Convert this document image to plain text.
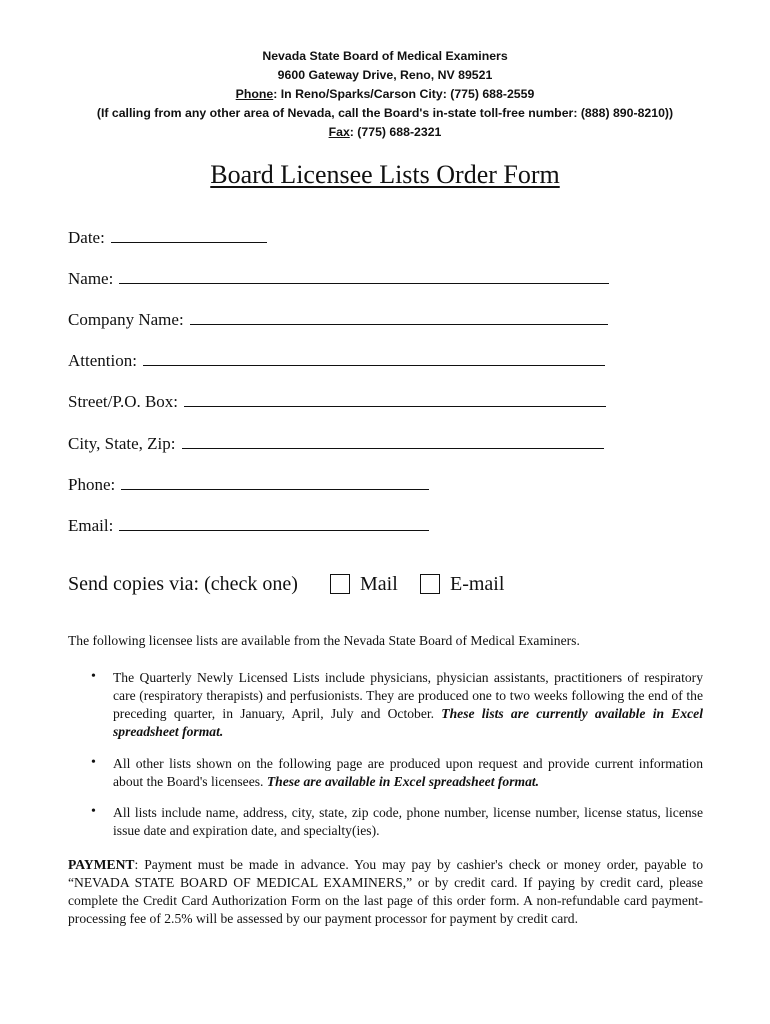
Nevada State Board of Medical Examiners
9600 Gateway Drive, Reno, NV 89521
Phone: In Reno/Sparks/Carson City: (775) 688-2559
(If calling from any other area of Nevada, call the Board's in-state toll-free number: (888) 890-8210))
Fax: (775) 688-2321
Board Licensee Lists Order Form
Date:
Name:
Company Name:
Attention:
Street/P.O. Box:
City, State, Zip:
Phone:
Email:
Send copies via: (check one)	Mail	E-mail
The following licensee lists are available from the Nevada State Board of Medical Examiners.
• The Quarterly Newly Licensed Lists include physicians, physician assistants, practitioners of respiratory care (respiratory therapists) and perfusionists. They are produced one to two weeks following the end of the preceding quarter, in January, April, July and October. These lists are currently available in Excel spreadsheet format.
• All other lists shown on the following page are produced upon request and provide current information about the Board's licensees. These are available in Excel spreadsheet format.
• All lists include name, address, city, state, zip code, phone number, license number, license status, license issue date and expiration date, and specialty(ies).
PAYMENT: Payment must be made in advance. You may pay by cashier's check or money order, payable to “NEVADA STATE BOARD OF MEDICAL EXAMINERS,” or by credit card. If paying by credit card, please complete the Credit Card Authorization Form on the last page of this order form. A non-refundable card payment-processing fee of 2.5% will be assessed by our payment processor for payment by credit card.
